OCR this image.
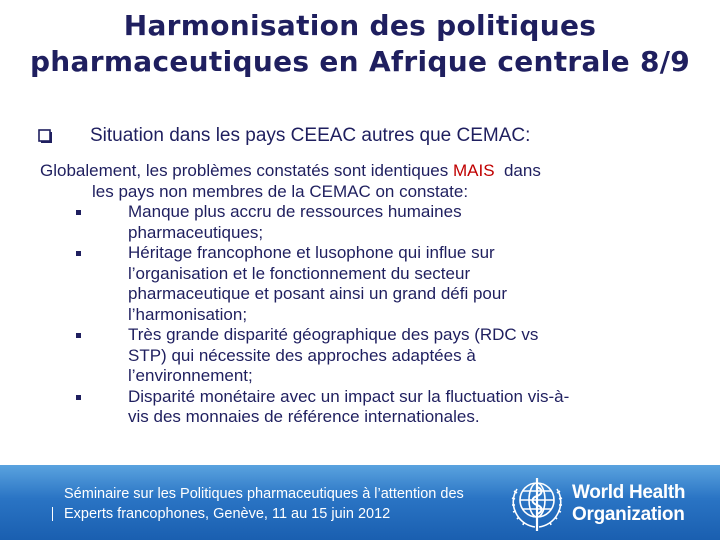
Harmonisation des politiques
pharmaceutiques en Afrique centrale 8/9
Situation dans les pays CEEAC autres que CEMAC:

Globalement, les problèmes constatés sont identiques MAIS  dans
les pays non membres de la CEMAC on constate:

Manque plus accru de ressources humaines
pharmaceutiques;
Héritage francophone et lusophone qui influe sur
l’organisation et le fonctionnement du secteur
pharmaceutique et posant ainsi un grand défi pour
l’harmonisation;
Très grande disparité géographique des pays (RDC vs
STP) qui nécessite des approches adaptées à
l’environnement;
Disparité monétaire avec un impact sur la fluctuation vis-à-
vis des monnaies de référence internationales.
Séminaire sur les Politiques pharmaceutiques à l’attention des
Experts francophones, Genève, 11 au 15 juin 2012
World Health
Organization
